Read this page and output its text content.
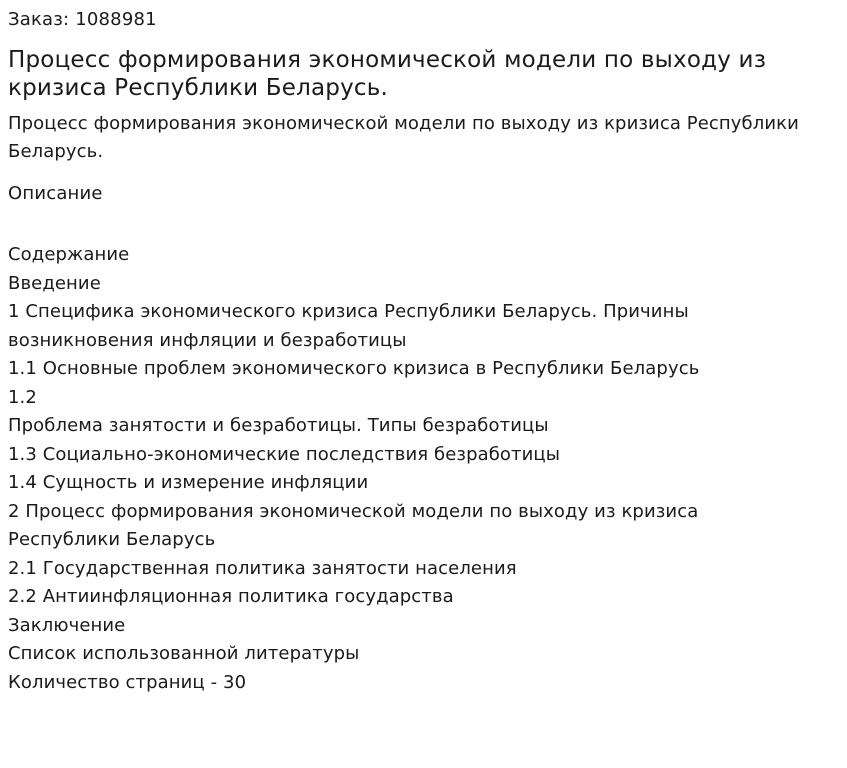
Заказ: 1088981
Процесс формирования экономической модели по выходу из кризиса Республики Беларусь.
Процесс формирования экономической модели по выходу из кризиса Республики Беларусь.
Описание
Содержание
Введение
1 Специфика экономического кризиса Республики Беларусь. Причины
возникновения инфляции и безработицы
1.1 Основные проблем экономического кризиса в Республики Беларусь
1.2
Проблема занятости и безработицы. Типы безработицы
1.3 Социально-экономические последствия безработицы
1.4 Сущность и измерение инфляции
2 Процесс формирования экономической модели по выходу из кризиса
Республики Беларусь
2.1 Государственная политика занятости населения
2.2 Антиинфляционная политика государства
Заключение
Список использованной литературы
Количество страниц - 30
